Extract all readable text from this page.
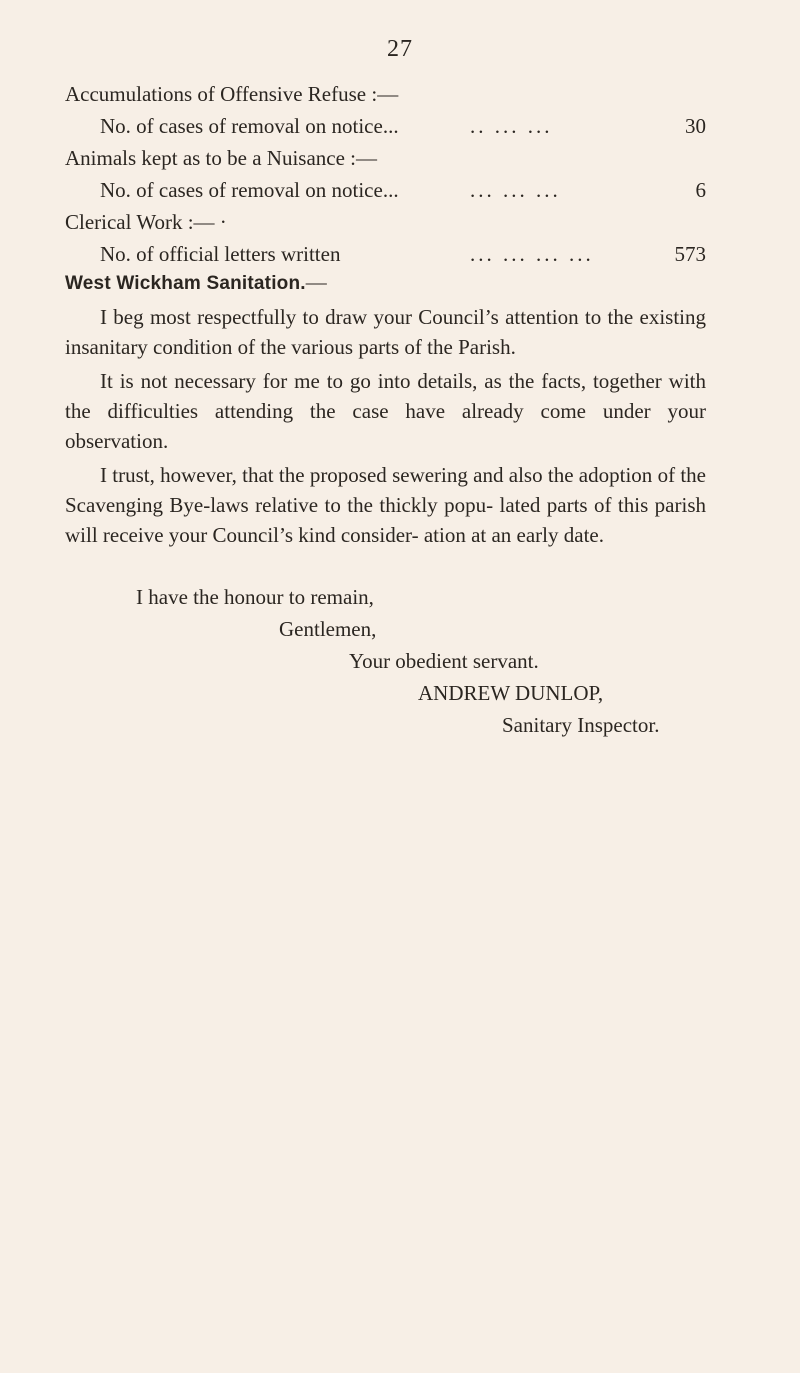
27
Accumulations of Offensive Refuse :—
No. of cases of removal on notice...	.. ... ...	30
Animals kept as to be a Nuisance :—
No. of cases of removal on notice...	... ... ...	6
Clerical Work :— ·
No. of official letters written	... ... ... ...	573
West Wickham Sanitation.—
I beg most respectfully to draw your Council’s attention to the existing insanitary condition of the various parts of the Parish.
It is not necessary for me to go into details, as the facts, together with the difficulties attending the case have already come under your observation.
I trust, however, that the proposed sewering and also the adoption of the Scavenging Bye-laws relative to the thickly popu- lated parts of this parish will receive your Council’s kind consider- ation at an early date.
I have the honour to remain,
Gentlemen,
Your obedient servant.
ANDREW DUNLOP,
Sanitary Inspector.
